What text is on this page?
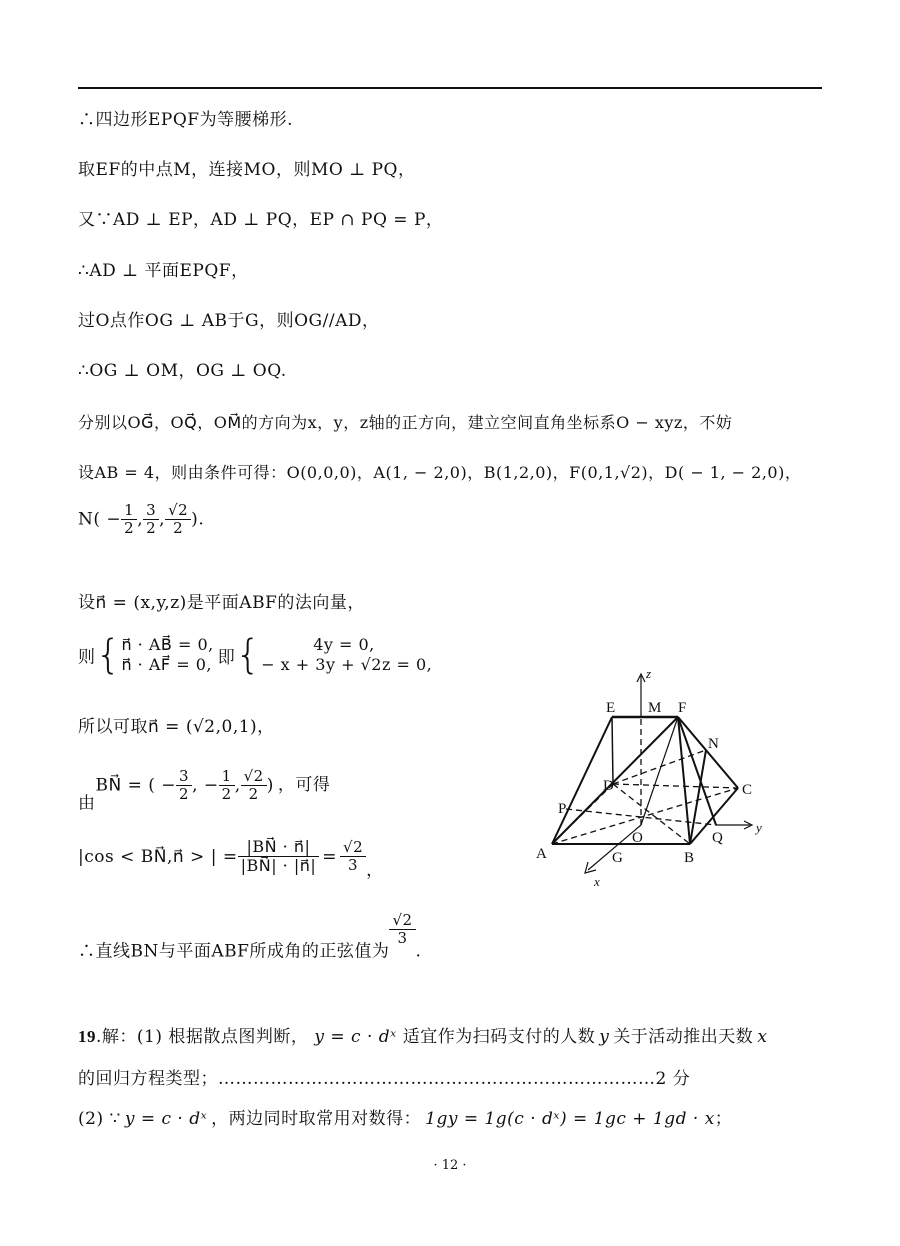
∴四边形EPQF为等腰梯形.
取EF的中点M，连接MO，则MO ⊥ PQ，
又∵AD ⊥ EP，AD ⊥ PQ，EP ∩ PQ = P，
∴AD ⊥ 平面EPQF，
过O点作OG ⊥ AB于G，则OG//AD，
∴OG ⊥ OM，OG ⊥ OQ.
分别以OG⃗，OQ⃗，OM⃗的方向为x，y，z轴的正方向，建立空间直角坐标系O − xyz，不妨
设AB = 4，则由条件可得：O(0,0,0)，A(1, − 2,0)，B(1,2,0)，F(0,1,√2)，D( − 1, − 2,0)，
$N( - \frac{1}{2}$ , $\frac{3}{2}$ , $\frac{√2}{2}$ ).
设n⃗ = (x,y,z)是平面ABF的法向量，
则{ n⃗ · AB⃗ = 0,
n⃗ · AF⃗ = 0, 即{	4y = 0,
− x + 3y + √2z = 0,
所以可取n⃗ = (√2,0,1)，
由BN⃗ = ( − $\frac{3}{2}$ , − $\frac{1}{2}$ , $\frac{√2}{2}$ ) ，可得
|cos < BN⃗,n⃗ > | = $\frac{|BN⃗ \cdot n⃗|}{|BN⃗| \cdot |n⃗|} = \frac{√2}{3}$ ，
∴直线BN与平面ABF所成角的正弦值为
$\frac{√2}{3}$
.
19.解：(1) 根据散点图判断， y = c · dˣ 适宜作为扫码支付的人数 y 关于活动推出天数 x
的回归方程类型；…………………………………………………………………2 分
(2) ∵ y = c · dˣ ，两边同时取常用对数得： 1gy = 1g(c · dˣ) = 1gc + 1gd · x；
z
y
x
E M F
N
D	C
P
O	Q
A	G	B
· 12 ·
